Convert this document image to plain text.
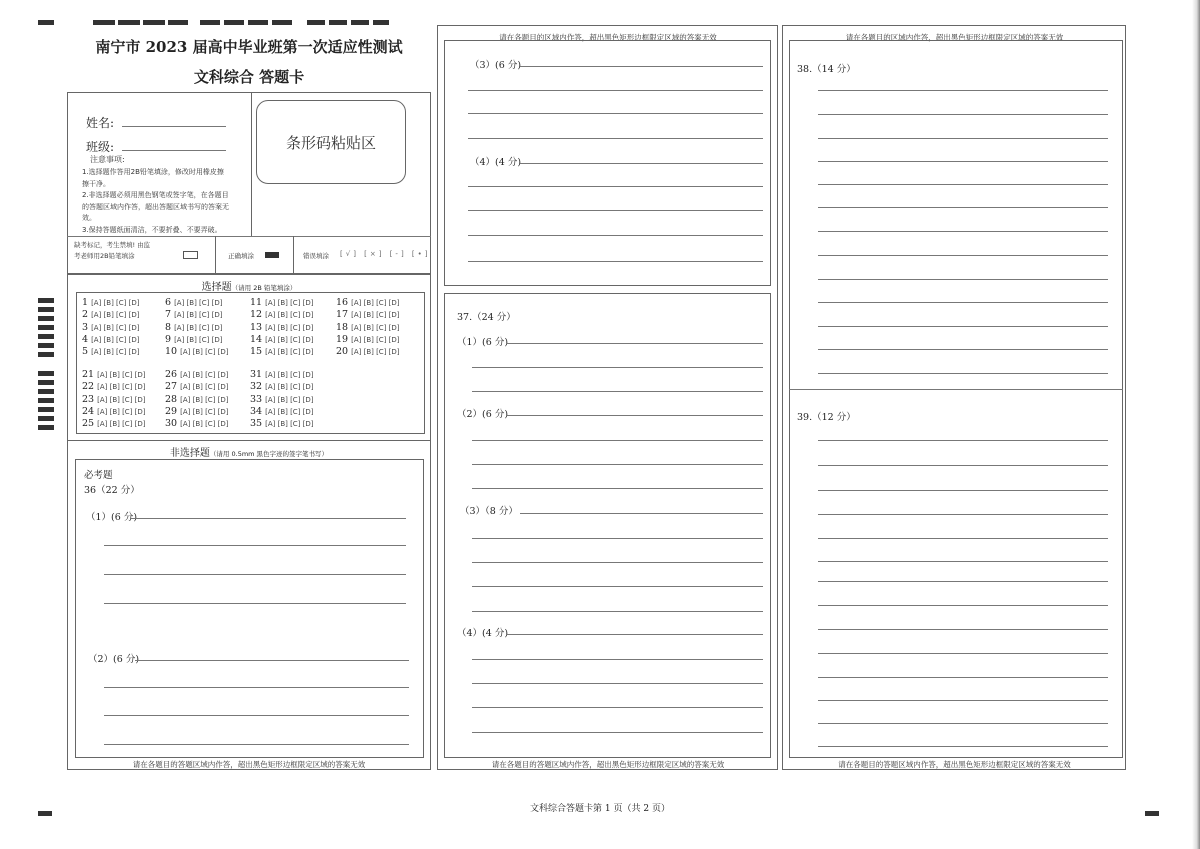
南宁市 2023 届高中毕业班第一次适应性测试
文科综合 答题卡
姓名:
班级:
注意事项:
1.选择题作答用2B铅笔填涂，修改时用橡皮擦
擦干净。
2.非选择题必须用黑色钢笔或签字笔，在各题目
的答题区域内作答，超出答题区域书写的答案无
效。
3.保持答题纸面清洁，不要折叠、不要弄破。
条形码粘贴区
缺考标记，考生禁填! 由监
考老师用2B铅笔填涂	正确填涂	错误填涂 [√] [×] [-] [•]
选择题（请用 2B 铅笔填涂）
1 [A] [B] [C] [D]	6 [A] [B] [C] [D]	11 [A] [B] [C] [D] 16 [A] [B] [C] [D]
2 [A] [B] [C] [D]	7 [A] [B] [C] [D]	12 [A] [B] [C] [D] 17 [A] [B] [C] [D]
3 [A] [B] [C] [D]	8 [A] [B] [C] [D]	13 [A] [B] [C] [D] 18 [A] [B] [C] [D]
4 [A] [B] [C] [D]	9 [A] [B] [C] [D]	14 [A] [B] [C] [D] 19 [A] [B] [C] [D]
5 [A] [B] [C] [D]	10 [A] [B] [C] [D] 15 [A] [B] [C] [D] 20 [A] [B] [C] [D]
21 [A] [B] [C] [D] 26 [A] [B] [C] [D] 31 [A] [B] [C] [D]
22 [A] [B] [C] [D] 27 [A] [B] [C] [D] 32 [A] [B] [C] [D]
23 [A] [B] [C] [D] 28 [A] [B] [C] [D] 33 [A] [B] [C] [D]
24 [A] [B] [C] [D] 29 [A] [B] [C] [D] 34 [A] [B] [C] [D]
25 [A] [B] [C] [D] 30 [A] [B] [C] [D] 35 [A] [B] [C] [D]
非选择题（请用 0.5mm 黑色字迹的签字笔书写）
必考题
36（22 分）
（1）(6 分)
（2）(6 分)
请在各题目的答题区域内作答，超出黑色矩形边框限定区域的答案无效
请在各题目的区域内作答，超出黑色矩形边框限定区域的答案无效
（3）(6 分)
（4）(4 分)
37.（24 分）
（1）(6 分)
（2）(6 分)
（3）（8 分）
（4）(4 分)
请在各题目的答题区域内作答，超出黑色矩形边框限定区域的答案无效
请在各题目的区域内作答，超出黑色矩形边框限定区域的答案无效
38.（14 分）
39.（12 分）
请在各题目的答题区域内作答，超出黑色矩形边框限定区域的答案无效
文科综合答题卡第 1 页（共 2 页）
